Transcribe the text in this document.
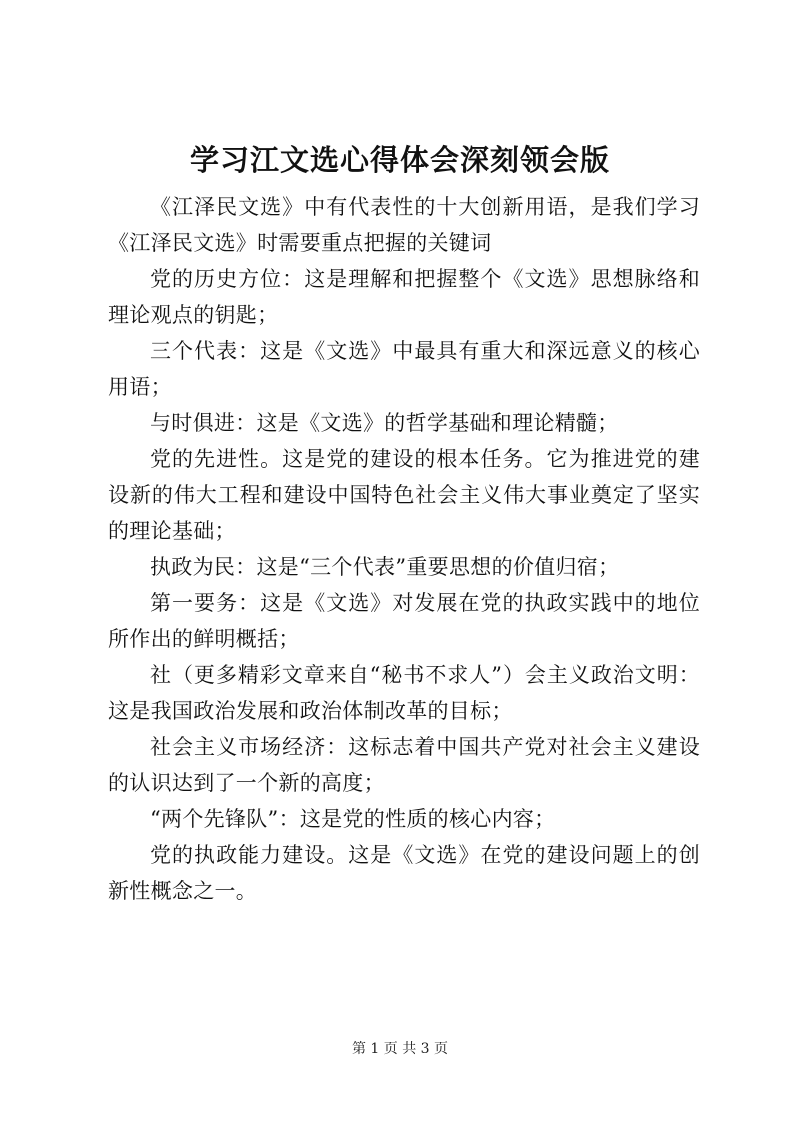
学习江文选心得体会深刻领会版

《江泽民文选》中有代表性的十大创新用语，是我们学习《江泽民文选》时需要重点把握的关键词

党的历史方位：这是理解和把握整个《文选》思想脉络和理论观点的钥匙；

三个代表：这是《文选》中最具有重大和深远意义的核心用语；

与时俱进：这是《文选》的哲学基础和理论精髓；

党的先进性。这是党的建设的根本任务。它为推进党的建设新的伟大工程和建设中国特色社会主义伟大事业奠定了坚实的理论基础；

执政为民：这是“三个代表”重要思想的价值归宿；

第一要务：这是《文选》对发展在党的执政实践中的地位所作出的鲜明概括；

社（更多精彩文章来自“秘书不求人”）会主义政治文明：这是我国政治发展和政治体制改革的目标；

社会主义市场经济：这标志着中国共产党对社会主义建设的认识达到了一个新的高度；

“两个先锋队”：这是党的性质的核心内容；

党的执政能力建设。这是《文选》在党的建设问题上的创新性概念之一。

第 1 页 共 3 页
